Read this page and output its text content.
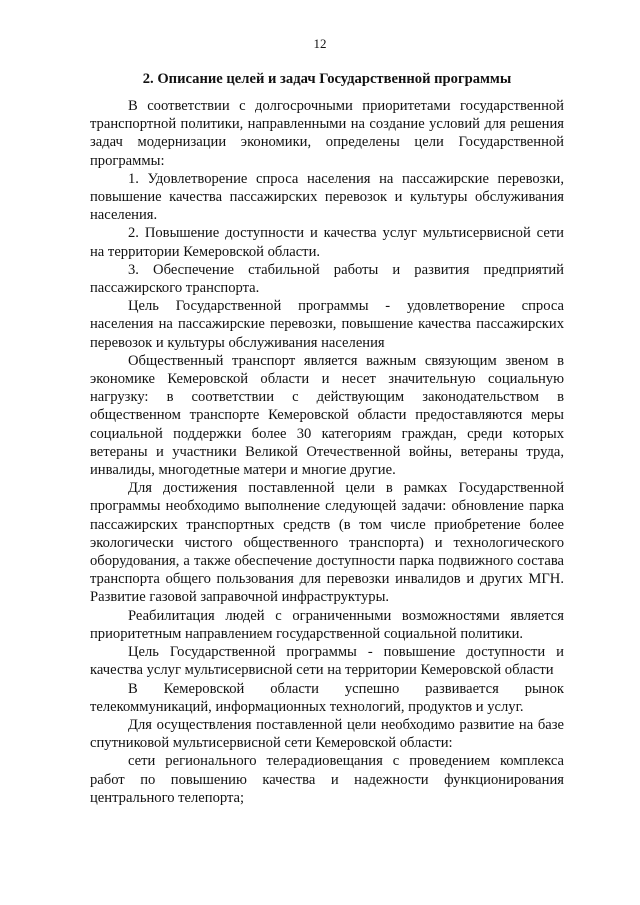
12
2. Описание целей и задач Государственной программы

В соответствии с долгосрочными приоритетами государственной транспортной политики, направленными на создание условий для решения задач модернизации экономики, определены цели Государственной программы:

1. Удовлетворение спроса населения на пассажирские перевозки, повышение качества пассажирских перевозок и культуры обслуживания населения.

2. Повышение доступности и качества услуг мультисервисной сети на территории Кемеровской области.

3. Обеспечение стабильной работы и развития предприятий пассажирского транспорта.

Цель Государственной программы - удовлетворение спроса населения на пассажирские перевозки, повышение качества пассажирских перевозок и культуры обслуживания населения

Общественный транспорт является важным связующим звеном в экономике Кемеровской области и несет значительную социальную нагрузку: в соответствии с действующим законодательством в общественном транспорте Кемеровской области предоставляются меры социальной поддержки более 30 категориям граждан, среди которых ветераны и участники Великой Отечественной войны, ветераны труда, инвалиды, многодетные матери и многие другие.

Для достижения поставленной цели в рамках Государственной программы необходимо выполнение следующей задачи: обновление парка пассажирских транспортных средств (в том числе приобретение более экологически чистого общественного транспорта) и технологического оборудования, а также обеспечение доступности парка подвижного состава транспорта общего пользования для перевозки инвалидов и других МГН. Развитие газовой заправочной инфраструктуры.

Реабилитация людей с ограниченными возможностями является приоритетным направлением государственной социальной политики.

Цель Государственной программы - повышение доступности и качества услуг мультисервисной сети на территории Кемеровской области

В Кемеровской области успешно развивается рынок телекоммуникаций, информационных технологий, продуктов и услуг.

Для осуществления поставленной цели необходимо развитие на базе спутниковой мультисервисной сети Кемеровской области:

сети регионального телерадиовещания с проведением комплекса работ по повышению качества и надежности функционирования центрального телепорта;
